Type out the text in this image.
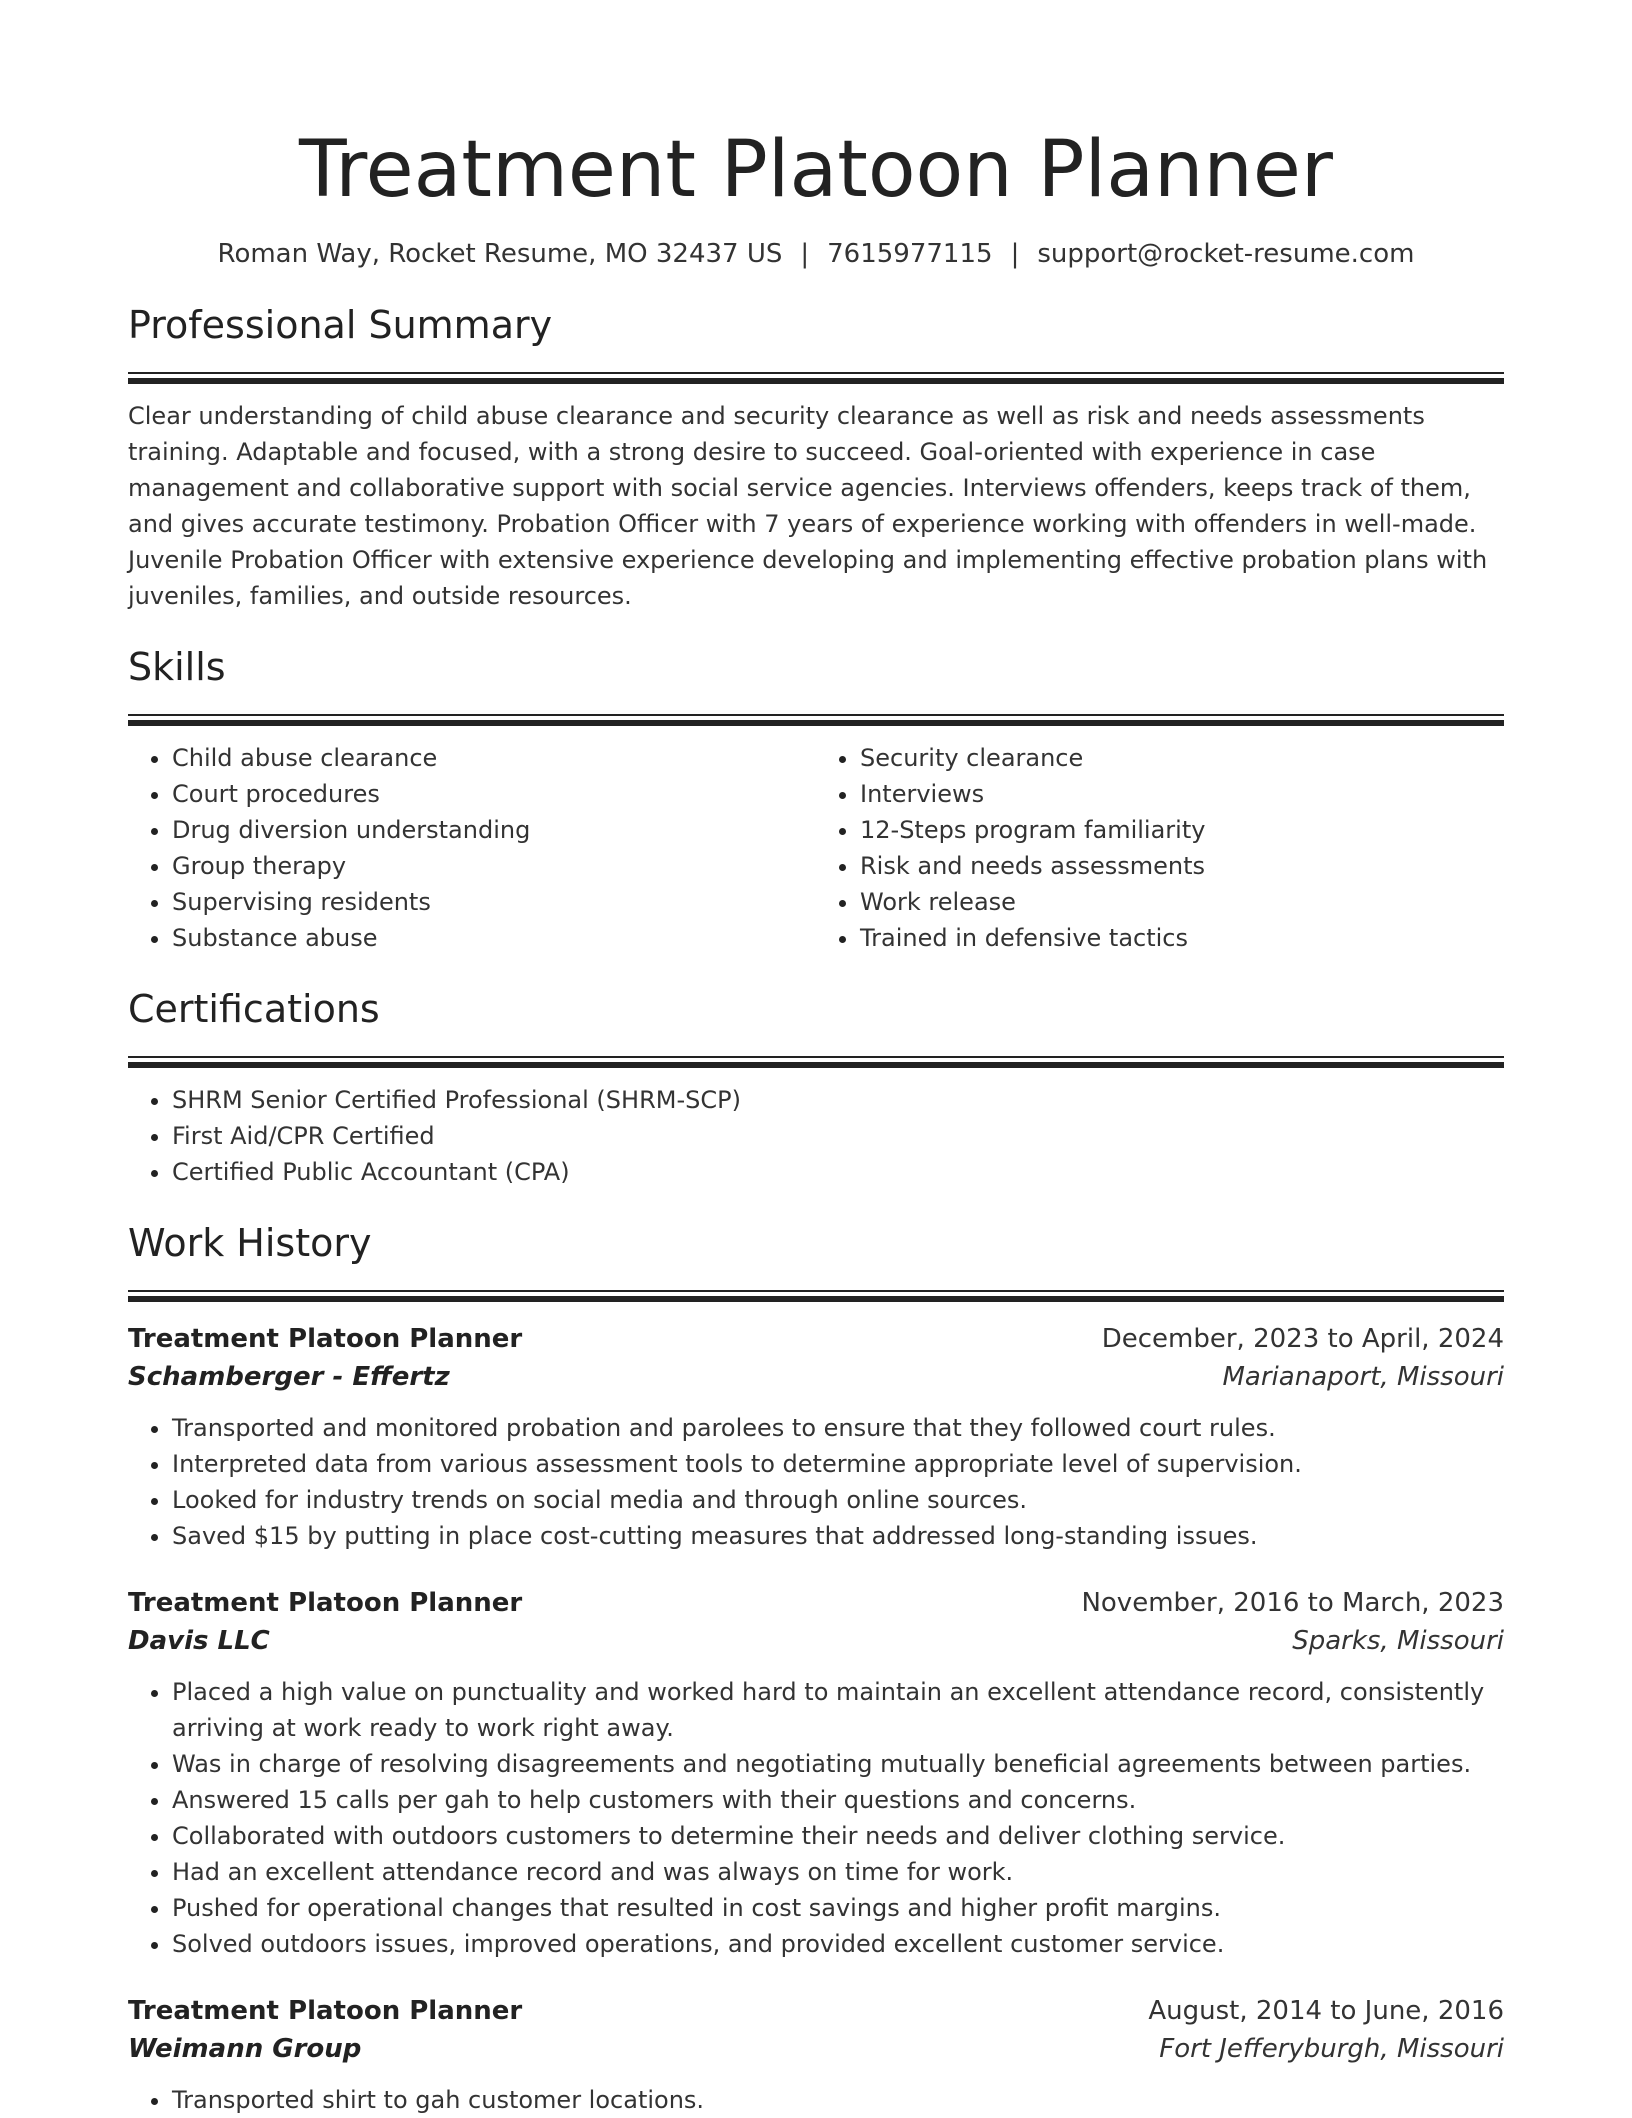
Treatment Platoon Planner
Roman Way, Rocket Resume, MO 32437 US | 7615977115 | support@rocket-resume.com
Professional Summary
Clear understanding of child abuse clearance and security clearance as well as risk and needs assessments training. Adaptable and focused, with a strong desire to succeed. Goal-oriented with experience in case management and collaborative support with social service agencies. Interviews offenders, keeps track of them, and gives accurate testimony. Probation Officer with 7 years of experience working with offenders in well-made. Juvenile Probation Officer with extensive experience developing and implementing effective probation plans with juveniles, families, and outside resources.
Skills
• Child abuse clearance
• Court procedures
• Drug diversion understanding
• Group therapy
• Supervising residents
• Substance abuse
• Security clearance
• Interviews
• 12-Steps program familiarity
• Risk and needs assessments
• Work release
• Trained in defensive tactics
Certifications
• SHRM Senior Certified Professional (SHRM-SCP)
• First Aid/CPR Certified
• Certified Public Accountant (CPA)
Work History
Treatment Platoon Planner	December, 2023 to April, 2024
Schamberger - Effertz	Marianaport, Missouri
• Transported and monitored probation and parolees to ensure that they followed court rules.
• Interpreted data from various assessment tools to determine appropriate level of supervision.
• Looked for industry trends on social media and through online sources.
• Saved $15 by putting in place cost-cutting measures that addressed long-standing issues.
Treatment Platoon Planner	November, 2016 to March, 2023
Davis LLC	Sparks, Missouri
• Placed a high value on punctuality and worked hard to maintain an excellent attendance record, consistently arriving at work ready to work right away.
• Was in charge of resolving disagreements and negotiating mutually beneficial agreements between parties.
• Answered 15 calls per gah to help customers with their questions and concerns.
• Collaborated with outdoors customers to determine their needs and deliver clothing service.
• Had an excellent attendance record and was always on time for work.
• Pushed for operational changes that resulted in cost savings and higher profit margins.
• Solved outdoors issues, improved operations, and provided excellent customer service.
Treatment Platoon Planner	August, 2014 to June, 2016
Weimann Group	Fort Jefferyburgh, Missouri
• Transported shirt to gah customer locations.
